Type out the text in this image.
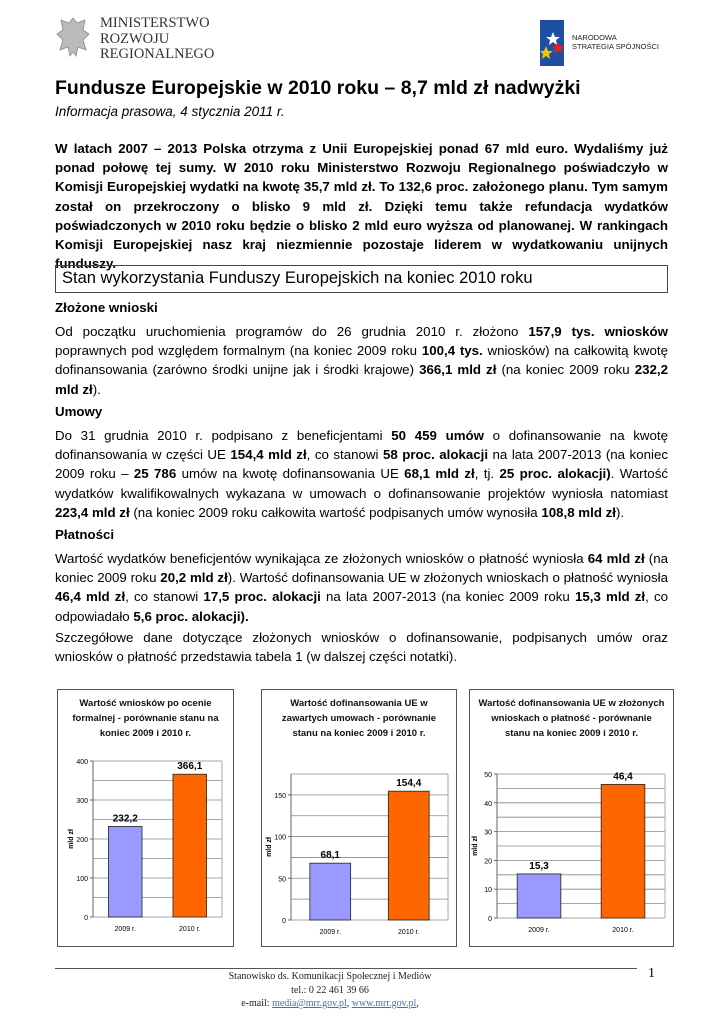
MINISTERSTWO
ROZWOJU
REGIONALNEGO
NARODOWA
STRATEGIA SPÓJNOŚCI
Fundusze Europejskie w 2010 roku – 8,7 mld zł nadwyżki
Informacja prasowa, 4 stycznia 2011 r.
W latach 2007 – 2013 Polska otrzyma z Unii Europejskiej ponad 67 mld euro. Wydaliśmy już ponad połowę tej sumy. W 2010 roku Ministerstwo Rozwoju Regionalnego poświadczyło w Komisji Europejskiej wydatki na kwotę 35,7 mld zł. To 132,6 proc. założonego planu. Tym samym został on przekroczony o blisko 9 mld zł. Dzięki temu także refundacja wydatków poświadczonych w 2010 roku będzie o blisko 2 mld euro wyższa od planowanej. W rankingach Komisji Europejskiej nasz kraj niezmiennie pozostaje liderem w wydatkowaniu unijnych funduszy.
Stan wykorzystania Funduszy Europejskich na koniec 2010 roku
Złożone wnioski
Od początku uruchomienia programów do 26 grudnia 2010 r. złożono 157,9 tys. wniosków poprawnych pod względem formalnym (na koniec 2009 roku 100,4 tys. wniosków) na całkowitą kwotę dofinansowania (zarówno środki unijne jak i środki krajowe) 366,1 mld zł (na koniec 2009 roku 232,2 mld zł).
Umowy
Do 31 grudnia 2010 r. podpisano z beneficjentami 50 459 umów o dofinansowanie na kwotę dofinansowania w części UE 154,4 mld zł, co stanowi 58 proc. alokacji na lata 2007-2013 (na koniec 2009 roku – 25 786 umów na kwotę dofinansowania UE 68,1 mld zł, tj. 25 proc. alokacji). Wartość wydatków kwalifikowalnych wykazana w umowach o dofinansowanie projektów wyniosła natomiast 223,4 mld zł (na koniec 2009 roku całkowita wartość podpisanych umów wynosiła 108,8 mld zł).
Płatności
Wartość wydatków beneficjentów wynikająca ze złożonych wniosków o płatność wyniosła 64 mld zł (na koniec 2009 roku 20,2 mld zł). Wartość dofinansowania UE w złożonych wnioskach o płatność wyniosła 46,4 mld zł, co stanowi 17,5 proc. alokacji na lata 2007-2013 (na koniec 2009 roku 15,3 mld zł, co odpowiadało 5,6 proc. alokacji).
Szczegółowe dane dotyczące złożonych wniosków o dofinansowanie, podpisanych umów oraz wniosków o płatność przedstawia tabela 1 (w dalszej części notatki).
Wartość wniosków po ocenie formalnej - porównanie stanu na koniec 2009 i 2010 r.
0
100
200
300
400
mld zł
232,2
2009 r.
366,1
2010 r.
Wartość dofinansowania UE w zawartych umowach - porównanie stanu na koniec 2009 i 2010 r.
0
50
100
150
mld zł	68,1
2009 r.
154,4
2010 r.
Wartość dofinansowania UE w złożonych wnioskach o płatność - porównanie stanu na koniec 2009 i 2010 r.
0
10
20
30
40
50
mld zł
15,3
2009 r.
46,4
2010 r.
Stanowisko ds. Komunikacji Społecznej i Mediów
tel.: 0 22 461 39 66
e-mail: media@mrr.gov.pl, www.mrr.gov.pl,
1
